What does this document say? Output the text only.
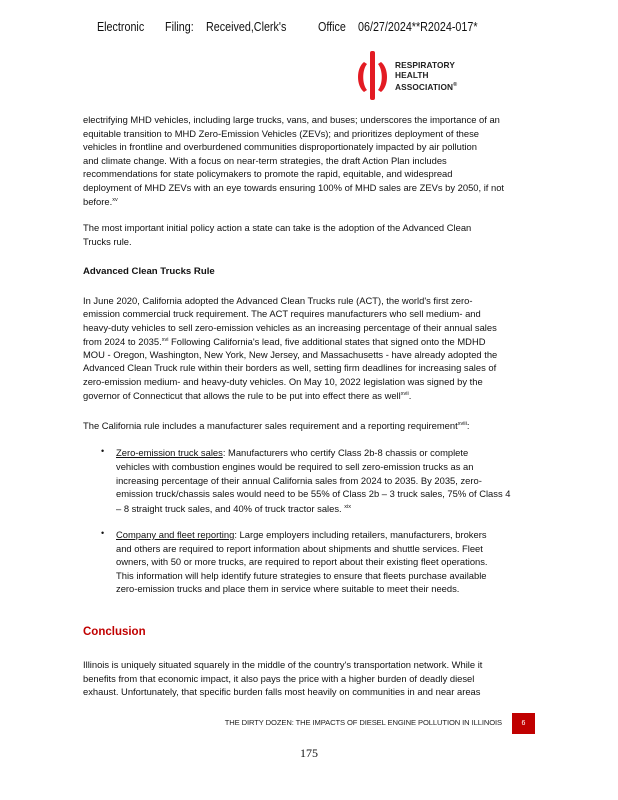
Electronic Filing: Received,Clerk's	Office 06/27/2024**R2024-017*
RESPIRATORY
HEALTH
ASSOCIATION®
electrifying MHD vehicles, including large trucks, vans, and buses; underscores the importance of an
equitable transition to MHD Zero-Emission Vehicles (ZEVs); and prioritizes deployment of these
vehicles in frontline and overburdened communities disproportionately impacted by air pollution
and climate change. With a focus on near-term strategies, the draft Action Plan includes
recommendations for state policymakers to promote the rapid, equitable, and widespread
deployment of MHD ZEVs with an eye towards ensuring 100% of MHD sales are ZEVs by 2050, if not
before.$^{xv}$
The most important initial policy action a state can take is the adoption of the Advanced Clean
Trucks rule.
Advanced Clean Trucks Rule
In June 2020, California adopted the Advanced Clean Trucks rule (ACT), the world's first zero-
emission commercial truck requirement. The ACT requires manufacturers who sell medium- and
heavy-duty vehicles to sell zero-emission vehicles as an increasing percentage of their annual sales
from 2024 to 2035.$^{xvi}$ Following California's lead, five additional states that signed onto the MDHD
MOU - Oregon, Washington, New York, New Jersey, and Massachusetts - have already adopted the
Advanced Clean Truck rule within their borders as well, setting firm deadlines for increasing sales of
zero-emission medium- and heavy-duty vehicles. On May 10, 2022 legislation was signed by the
governor of Connecticut that allows the rule to be put into effect there as well$^{xvii}$.
The California rule includes a manufacturer sales requirement and a reporting requirement$^{xviii}$:
• Zero-emission truck sales: Manufacturers who certify Class 2b-8 chassis or complete
vehicles with combustion engines would be required to sell zero-emission trucks as an
increasing percentage of their annual California sales from 2024 to 2035. By 2035, zero-
emission truck/chassis sales would need to be 55% of Class 2b – 3 truck sales, 75% of Class 4
– 8 straight truck sales, and 40% of truck tractor sales. $^{xix}$
• Company and fleet reporting: Large employers including retailers, manufacturers, brokers
and others are required to report information about shipments and shuttle services. Fleet
owners, with 50 or more trucks, are required to report about their existing fleet operations.
This information will help identify future strategies to ensure that fleets purchase available
zero-emission trucks and place them in service where suitable to meet their needs.
Conclusion
Illinois is uniquely situated squarely in the middle of the country's transportation network. While it
benefits from that economic impact, it also pays the price with a higher burden of deadly diesel
exhaust. Unfortunately, that specific burden falls most heavily on communities in and near areas
THE DIRTY DOZEN: THE IMPACTS OF DIESEL ENGINE POLLUTION IN ILLINOIS	6
175
